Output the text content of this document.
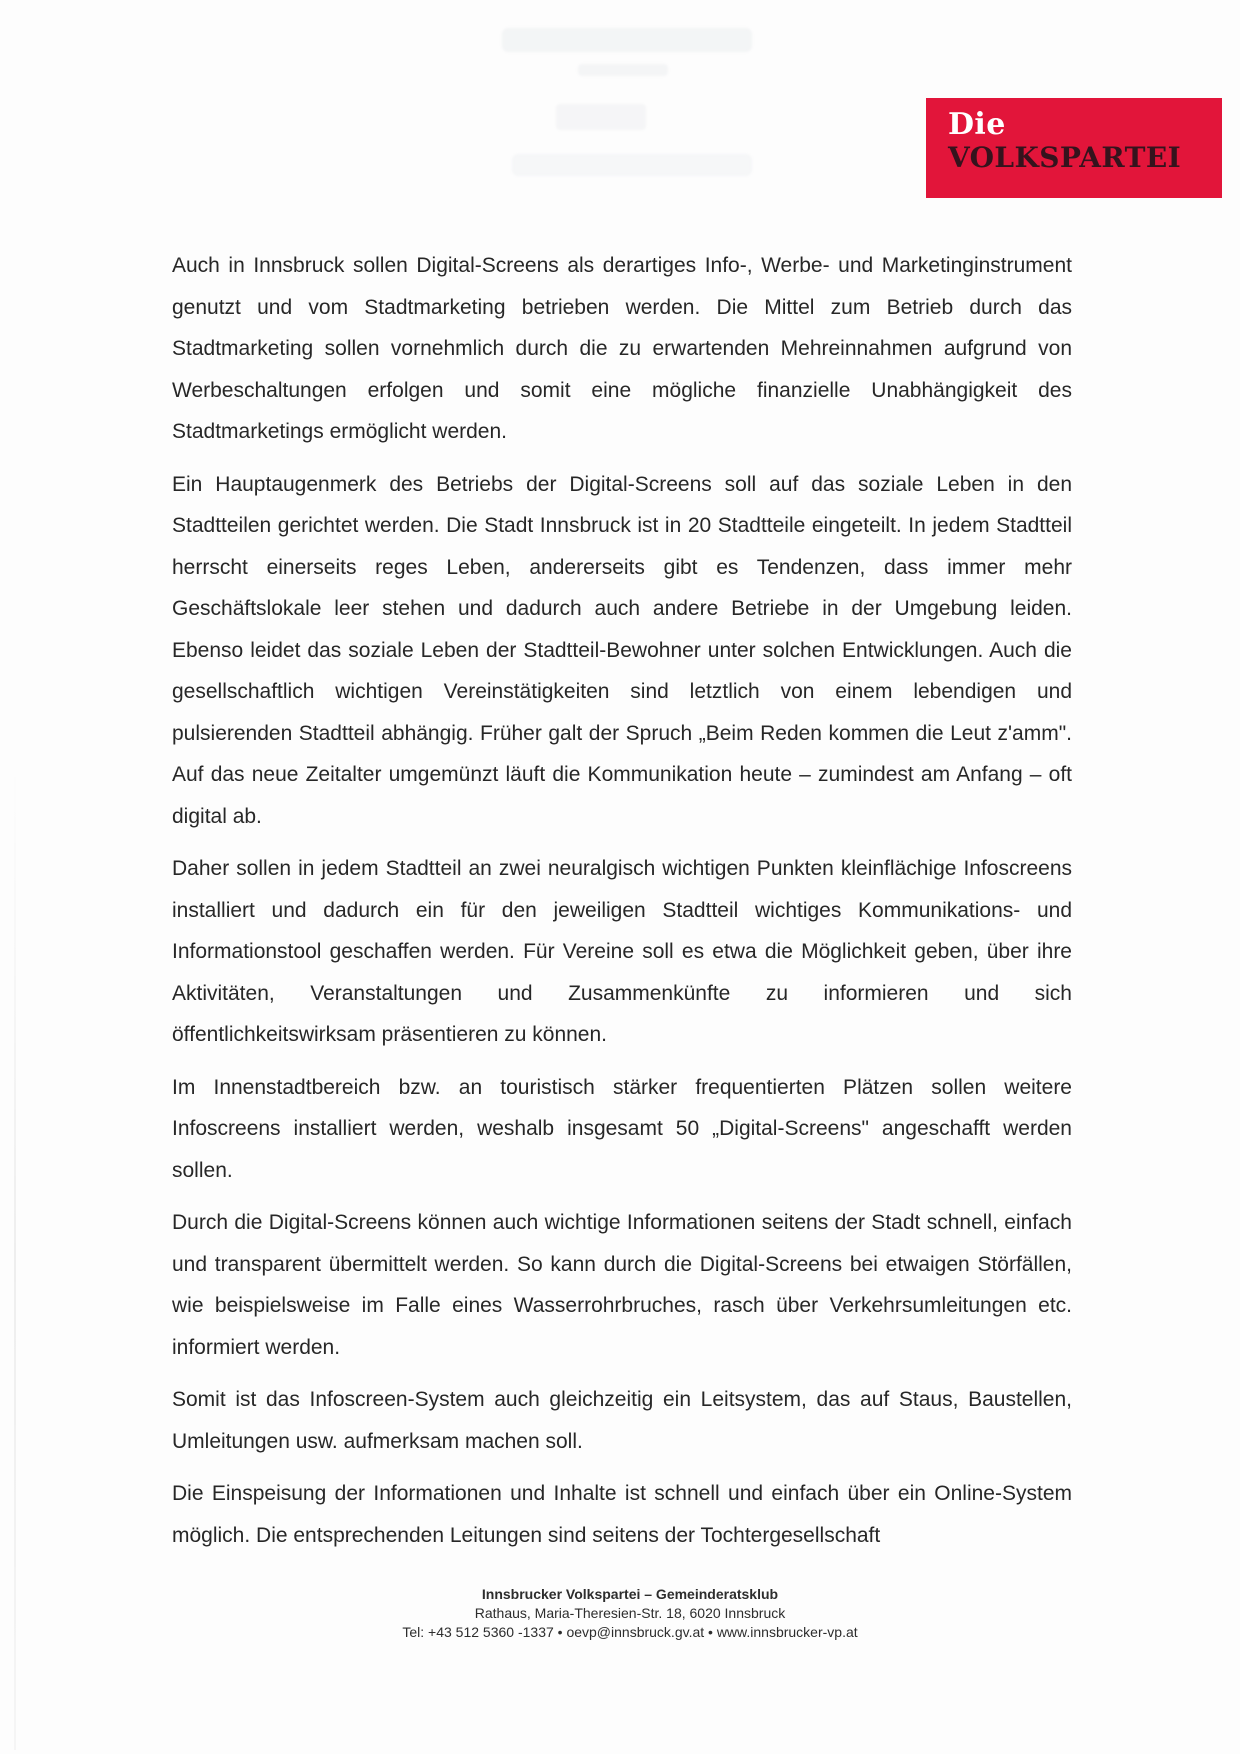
Die
VOLKSPARTEI

Auch in Innsbruck sollen Digital-Screens als derartiges Info-, Werbe- und Marketinginstrument genutzt und vom Stadtmarketing betrieben werden. Die Mittel zum Betrieb durch das Stadtmarketing sollen vornehmlich durch die zu erwartenden Mehreinnahmen aufgrund von Werbeschaltungen erfolgen und somit eine mögliche finanzielle Unabhängigkeit des Stadtmarketings ermöglicht werden.

Ein Hauptaugenmerk des Betriebs der Digital-Screens soll auf das soziale Leben in den Stadtteilen gerichtet werden. Die Stadt Innsbruck ist in 20 Stadtteile eingeteilt. In jedem Stadtteil herrscht einerseits reges Leben, andererseits gibt es Tendenzen, dass immer mehr Geschäftslokale leer stehen und dadurch auch andere Betriebe in der Umgebung leiden. Ebenso leidet das soziale Leben der Stadtteil-Bewohner unter solchen Entwicklungen. Auch die gesellschaftlich wichtigen Vereinstätigkeiten sind letztlich von einem lebendigen und pulsierenden Stadtteil abhängig. Früher galt der Spruch „Beim Reden kommen die Leut z'amm". Auf das neue Zeitalter umgemünzt läuft die Kommunikation heute – zumindest am Anfang – oft digital ab.

Daher sollen in jedem Stadtteil an zwei neuralgisch wichtigen Punkten kleinflächige Infoscreens installiert und dadurch ein für den jeweiligen Stadtteil wichtiges Kommunikations- und Informationstool geschaffen werden. Für Vereine soll es etwa die Möglichkeit geben, über ihre Aktivitäten, Veranstaltungen und Zusammenkünfte zu informieren und sich öffentlichkeitswirksam präsentieren zu können.

Im Innenstadtbereich bzw. an touristisch stärker frequentierten Plätzen sollen weitere Infoscreens installiert werden, weshalb insgesamt 50 „Digital-Screens" angeschafft werden sollen.

Durch die Digital-Screens können auch wichtige Informationen seitens der Stadt schnell, einfach und transparent übermittelt werden. So kann durch die Digital-Screens bei etwaigen Störfällen, wie beispielsweise im Falle eines Wasserrohrbruches, rasch über Verkehrsumleitungen etc. informiert werden.

Somit ist das Infoscreen-System auch gleichzeitig ein Leitsystem, das auf Staus, Baustellen, Umleitungen usw. aufmerksam machen soll.

Die Einspeisung der Informationen und Inhalte ist schnell und einfach über ein Online-System möglich. Die entsprechenden Leitungen sind seitens der Tochtergesellschaft

Innsbrucker Volkspartei – Gemeinderatsklub
Rathaus, Maria-Theresien-Str. 18, 6020 Innsbruck
Tel: +43 512 5360 -1337 • oevp@innsbruck.gv.at • www.innsbrucker-vp.at
